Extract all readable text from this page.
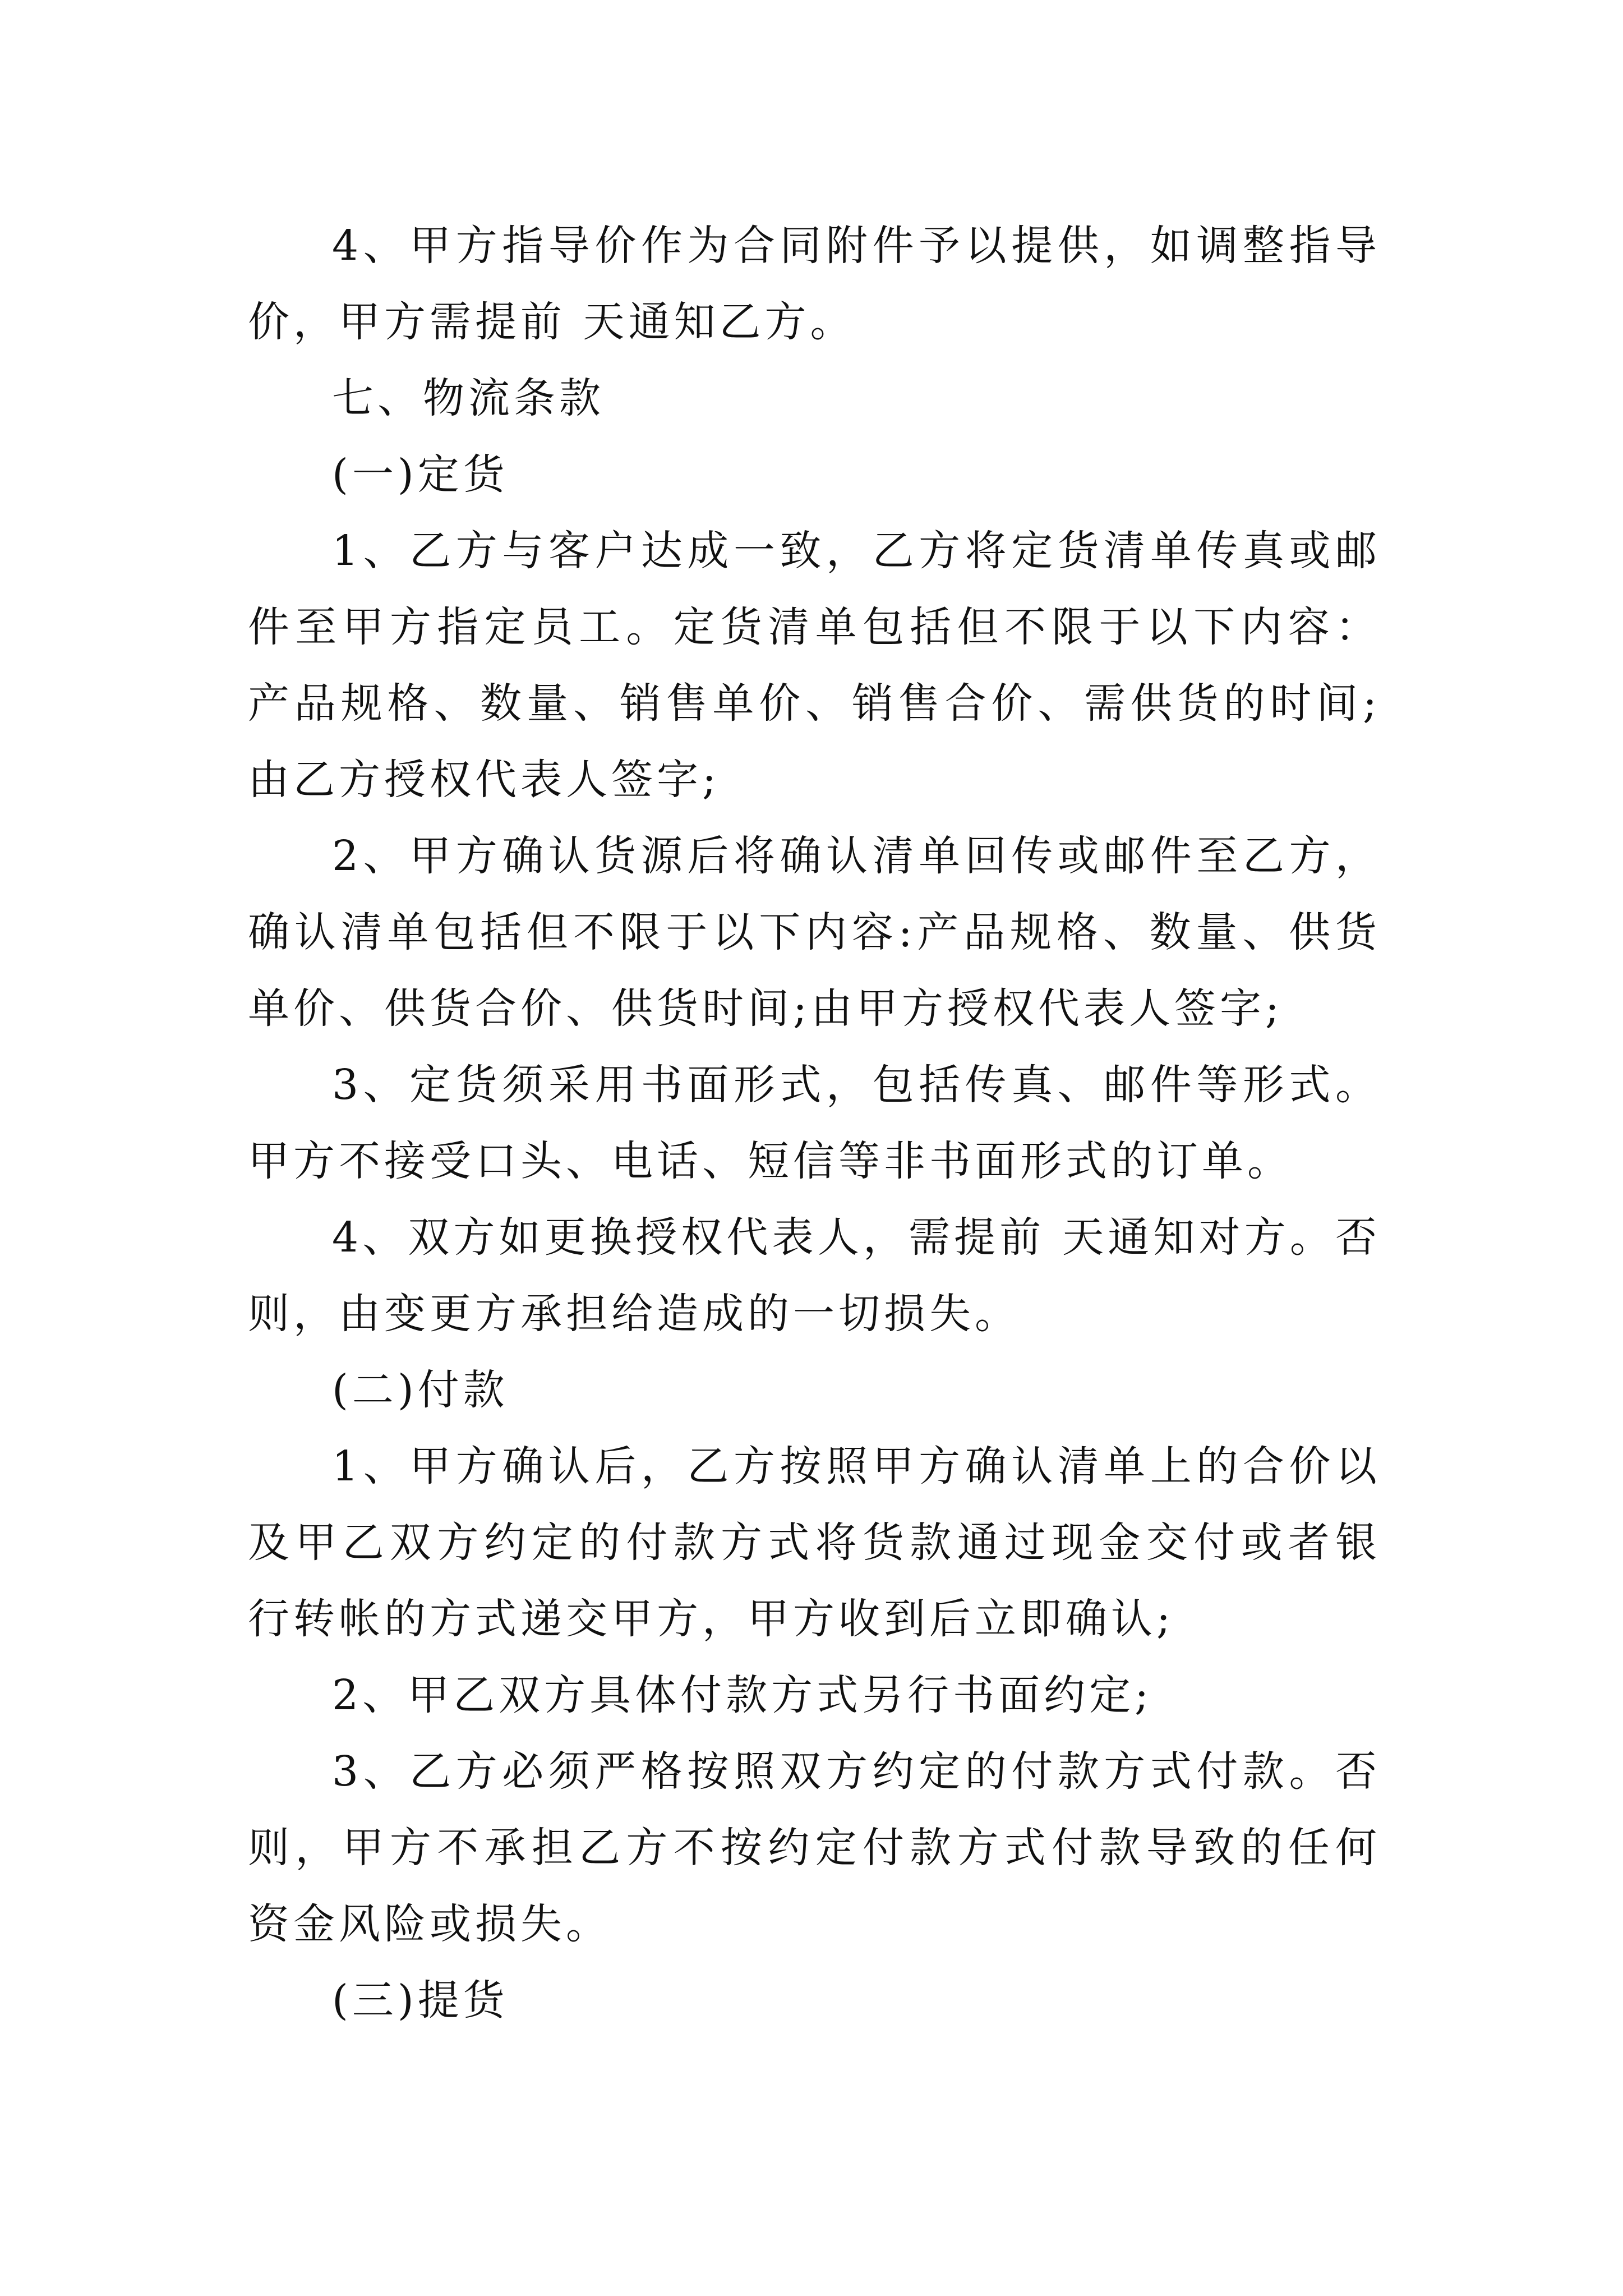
4、甲方指导价作为合同附件予以提供，如调整指导价，甲方需提前 天通知乙方。

七、物流条款

(一)定货

1、乙方与客户达成一致，乙方将定货清单传真或邮件至甲方指定员工。定货清单包括但不限于以下内容：产品规格、数量、销售单价、销售合价、需供货的时间;由乙方授权代表人签字;

2、甲方确认货源后将确认清单回传或邮件至乙方，确认清单包括但不限于以下内容:产品规格、数量、供货单价、供货合价、供货时间;由甲方授权代表人签字;

3、定货须采用书面形式，包括传真、邮件等形式。甲方不接受口头、电话、短信等非书面形式的订单。

4、双方如更换授权代表人，需提前 天通知对方。否则，由变更方承担给造成的一切损失。

(二)付款

1、甲方确认后，乙方按照甲方确认清单上的合价以及甲乙双方约定的付款方式将货款通过现金交付或者银行转帐的方式递交甲方，甲方收到后立即确认;

2、甲乙双方具体付款方式另行书面约定;

3、乙方必须严格按照双方约定的付款方式付款。否则，甲方不承担乙方不按约定付款方式付款导致的任何资金风险或损失。

(三)提货
